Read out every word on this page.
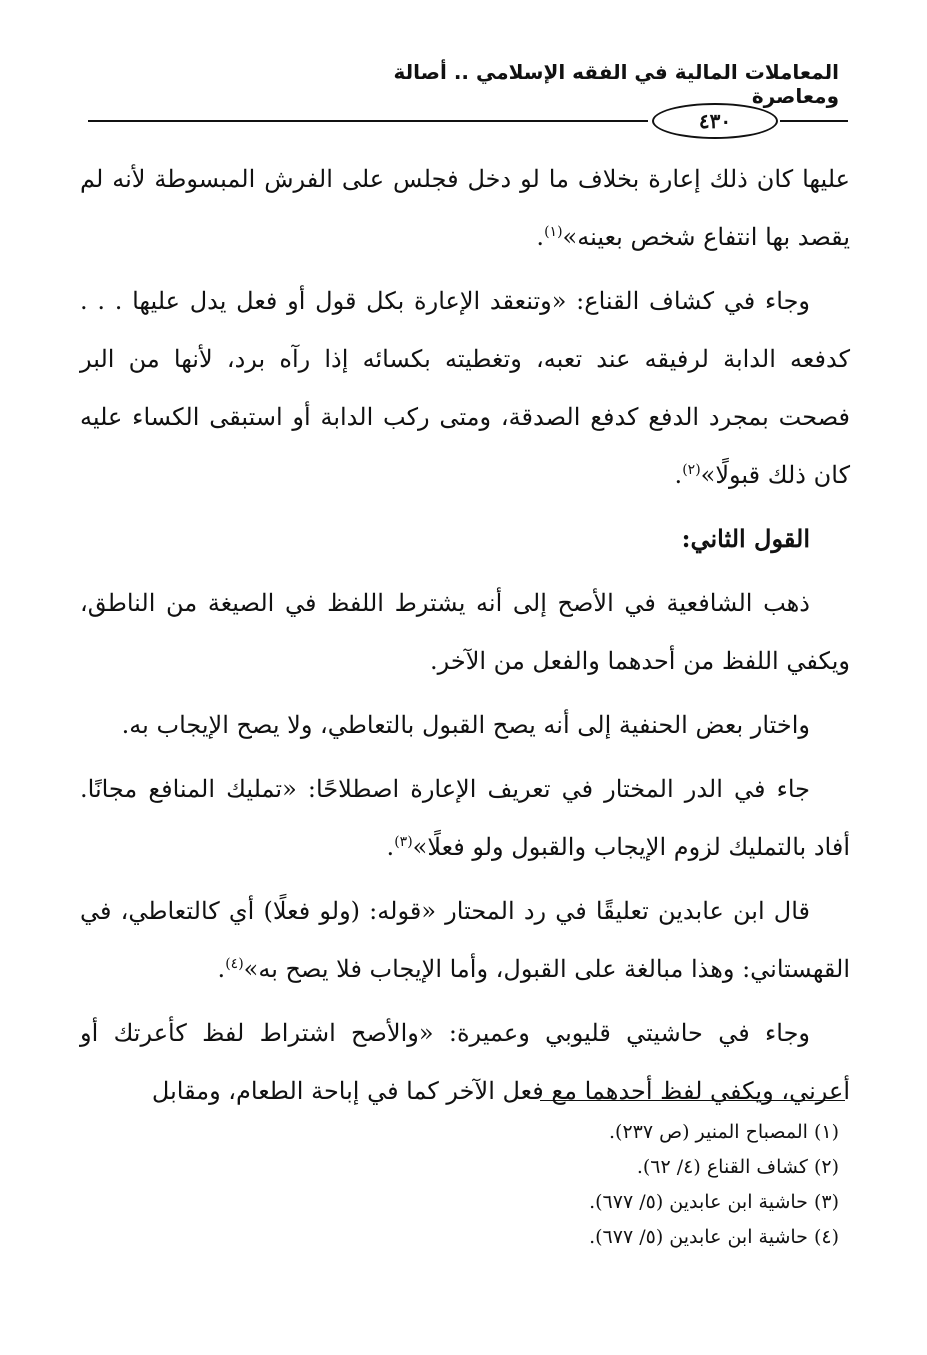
المعاملات المالية في الفقه الإسلامي .. أصالة ومعاصرة
٤٣٠

عليها كان ذلك إعارة بخلاف ما لو دخل فجلس على الفرش المبسوطة لأنه لم يقصد بها انتفاع شخص بعينه»$^{(١)}$.

وجاء في كشاف القناع: «وتنعقد الإعارة بكل قول أو فعل يدل عليها . . . كدفعه الدابة لرفيقه عند تعبه، وتغطيته بكسائه إذا رآه برد، لأنها من البر فصحت بمجرد الدفع كدفع الصدقة، ومتى ركب الدابة أو استبقى الكساء عليه كان ذلك قبولًا»$^{(٢)}$.

القول الثاني:

ذهب الشافعية في الأصح إلى أنه يشترط اللفظ في الصيغة من الناطق، ويكفي اللفظ من أحدهما والفعل من الآخر.

واختار بعض الحنفية إلى أنه يصح القبول بالتعاطي، ولا يصح الإيجاب به.

جاء في الدر المختار في تعريف الإعارة اصطلاحًا: «تمليك المنافع مجانًا. أفاد بالتمليك لزوم الإيجاب والقبول ولو فعلًا»$^{(٣)}$.

قال ابن عابدين تعليقًا في رد المحتار «قوله: (ولو فعلًا) أي كالتعاطي، في القهستاني: وهذا مبالغة على القبول، وأما الإيجاب فلا يصح به»$^{(٤)}$.

وجاء في حاشيتي قليوبي وعميرة: «والأصح اشتراط لفظ كأعرتك أو أعرني، ويكفي لفظ أحدهما مع فعل الآخر كما في إباحة الطعام، ومقابل

(١) المصباح المنير (ص ٢٣٧).
(٢) كشاف القناع (٤/ ٦٢).
(٣) حاشية ابن عابدين (٥/ ٦٧٧).
(٤) حاشية ابن عابدين (٥/ ٦٧٧).
